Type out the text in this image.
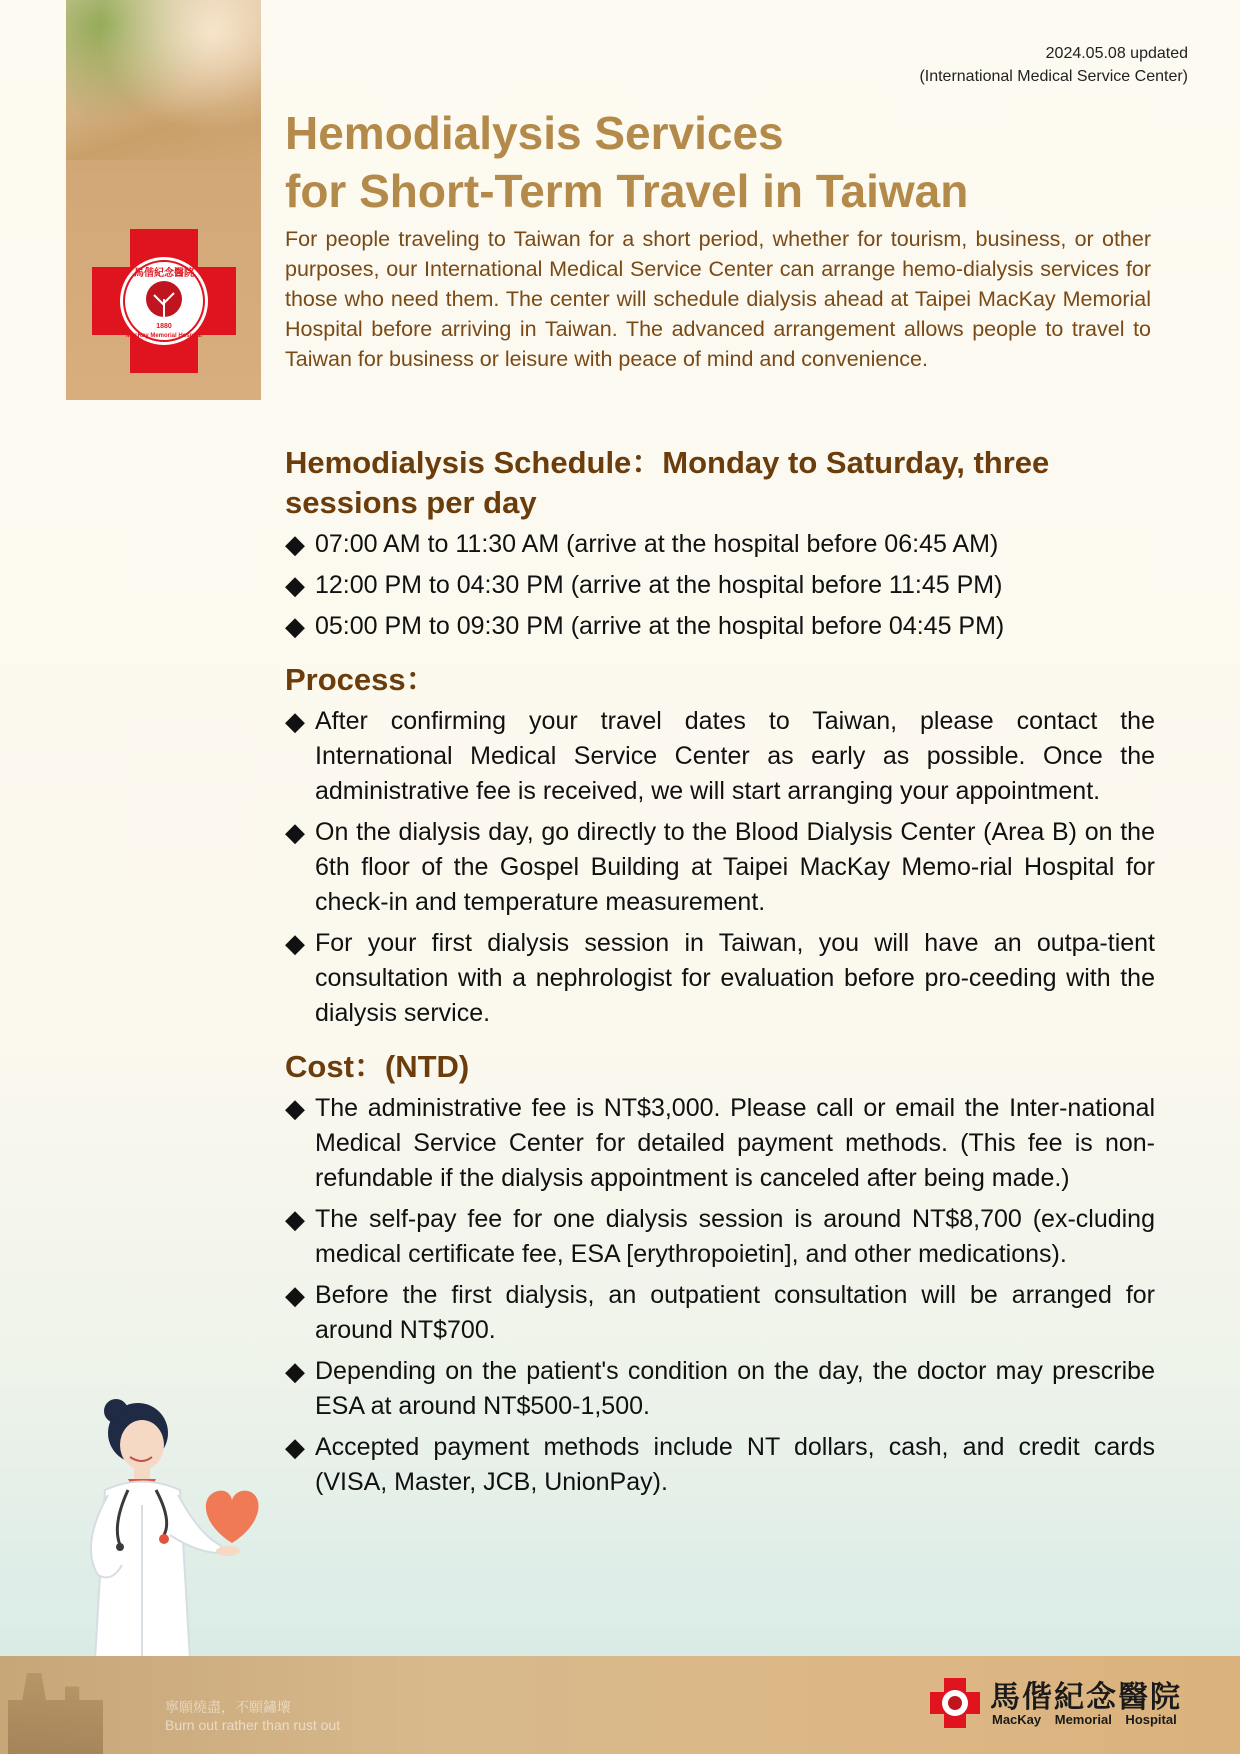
1880
馬偕紀念醫院
MacKay Memorial Hospital
2024.05.08 updated
(International Medical Service Center)
Hemodialysis Services
for Short-Term Travel in Taiwan

For people traveling to Taiwan for a short period, whether for tourism, business, or other purposes, our International Medical Service Center can arrange hemo-dialysis services for those who need them. The center will schedule dialysis ahead at Taipei MacKay Memorial Hospital before arriving in Taiwan. The advanced arrangement allows people to travel to Taiwan for business or leisure with peace of mind and convenience.

Hemodialysis Schedule：Monday to Saturday, three sessions per day
◆ 07:00 AM to 11:30 AM (arrive at the hospital before 06:45 AM)
◆ 12:00 PM to 04:30 PM (arrive at the hospital before 11:45 PM)
◆ 05:00 PM to 09:30 PM (arrive at the hospital before 04:45 PM)
Process：
◆ After confirming your travel dates to Taiwan, please contact the International Medical Service Center as early as possible. Once the administrative fee is received, we will start arranging your appointment.
◆ On the dialysis day, go directly to the Blood Dialysis Center (Area B) on the 6th floor of the Gospel Building at Taipei MacKay Memo-rial Hospital for check-in and temperature measurement.
◆ For your first dialysis session in Taiwan, you will have an outpa-tient consultation with a nephrologist for evaluation before pro-ceeding with the dialysis service.
Cost：(NTD)
◆ The administrative fee is NT$3,000. Please call or email the Inter-national Medical Service Center for detailed payment methods. (This fee is non-refundable if the dialysis appointment is canceled after being made.)
◆ The self-pay fee for one dialysis session is around NT$8,700 (ex-cluding medical certificate fee, ESA [erythropoietin], and other medications).
◆ Before the first dialysis, an outpatient consultation will be arranged for around NT$700.
◆ Depending on the patient's condition on the day, the doctor may prescribe ESA at around NT$500-1,500.
◆ Accepted payment methods include NT dollars, cash, and credit cards (VISA, Master, JCB, UnionPay).
寧願燒盡，不願鏽壞
Burn out rather than rust out
馬偕紀念醫院
MacKay Memorial Hospital
